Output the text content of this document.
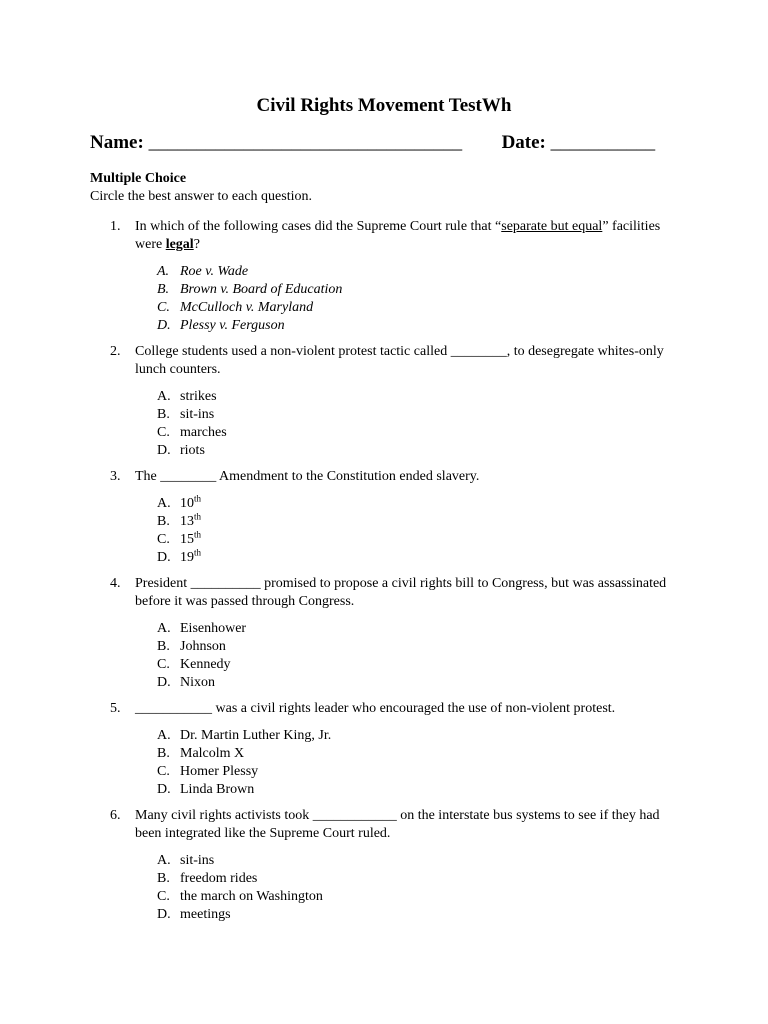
Civil Rights Movement TestWh
Name: _________________________________ Date: ___________
Multiple Choice
Circle the best answer to each question.
1. In which of the following cases did the Supreme Court rule that “separate but equal” facilities were legal?
A. Roe v. Wade
B. Brown v. Board of Education
C. McCulloch v. Maryland
D. Plessy v. Ferguson
2. College students used a non-violent protest tactic called ________, to desegregate whites-only lunch counters.
A. strikes
B. sit-ins
C. marches
D. riots
3. The ________ Amendment to the Constitution ended slavery.
A. 10th
B. 13th
C. 15th
D. 19th
4. President __________ promised to propose a civil rights bill to Congress, but was assassinated before it was passed through Congress.
A. Eisenhower
B. Johnson
C. Kennedy
D. Nixon
5. ___________ was a civil rights leader who encouraged the use of non-violent protest.
A. Dr. Martin Luther King, Jr.
B. Malcolm X
C. Homer Plessy
D. Linda Brown
6. Many civil rights activists took ____________ on the interstate bus systems to see if they had been integrated like the Supreme Court ruled.
A. sit-ins
B. freedom rides
C. the march on Washington
D. meetings
